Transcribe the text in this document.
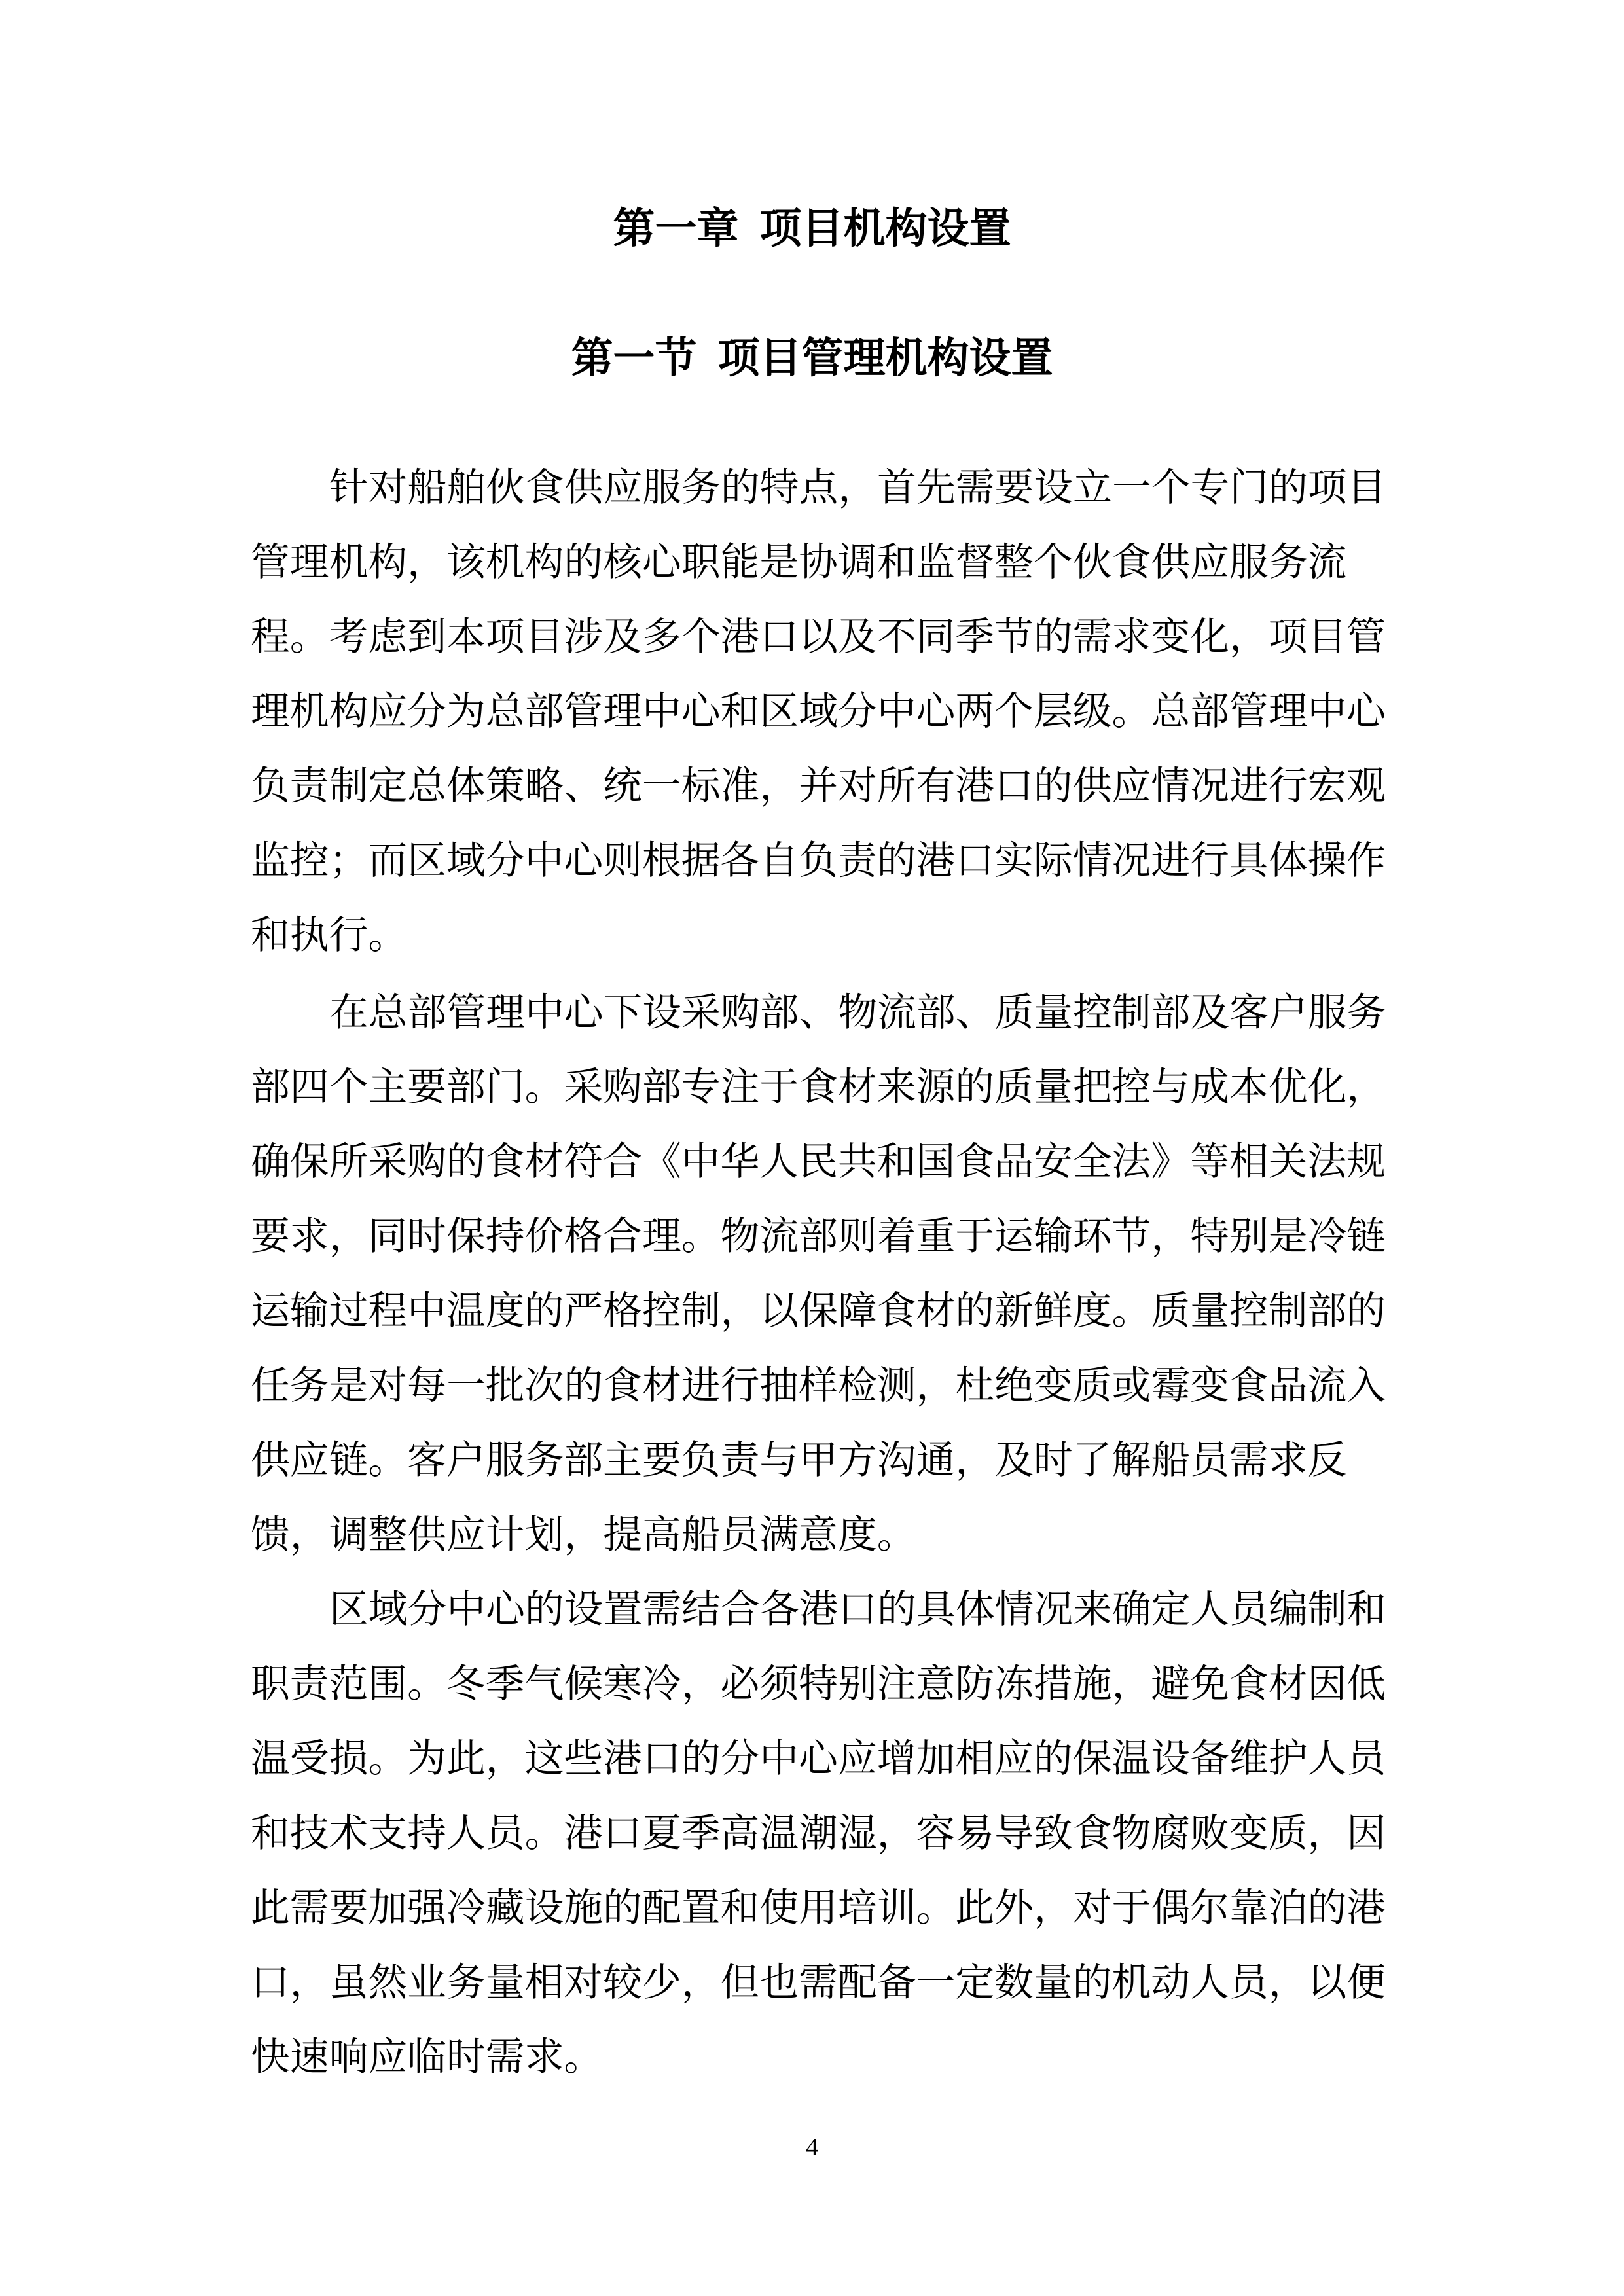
第一章  项目机构设置
第一节  项目管理机构设置
针对船舶伙食供应服务的特点，首先需要设立一个专门的项目
管理机构，该机构的核心职能是协调和监督整个伙食供应服务流
程。考虑到本项目涉及多个港口以及不同季节的需求变化，项目管
理机构应分为总部管理中心和区域分中心两个层级。总部管理中心
负责制定总体策略、统一标准，并对所有港口的供应情况进行宏观
监控；而区域分中心则根据各自负责的港口实际情况进行具体操作
和执行。
在总部管理中心下设采购部、物流部、质量控制部及客户服务
部四个主要部门。采购部专注于食材来源的质量把控与成本优化，
确保所采购的食材符合《中华人民共和国食品安全法》等相关法规
要求，同时保持价格合理。物流部则着重于运输环节，特别是冷链
运输过程中温度的严格控制，以保障食材的新鲜度。质量控制部的
任务是对每一批次的食材进行抽样检测，杜绝变质或霉变食品流入
供应链。客户服务部主要负责与甲方沟通，及时了解船员需求反
馈，调整供应计划，提高船员满意度。
区域分中心的设置需结合各港口的具体情况来确定人员编制和
职责范围。冬季气候寒冷，必须特别注意防冻措施，避免食材因低
温受损。为此，这些港口的分中心应增加相应的保温设备维护人员
和技术支持人员。港口夏季高温潮湿，容易导致食物腐败变质，因
此需要加强冷藏设施的配置和使用培训。此外，对于偶尔靠泊的港
口，虽然业务量相对较少，但也需配备一定数量的机动人员，以便
快速响应临时需求。
4
